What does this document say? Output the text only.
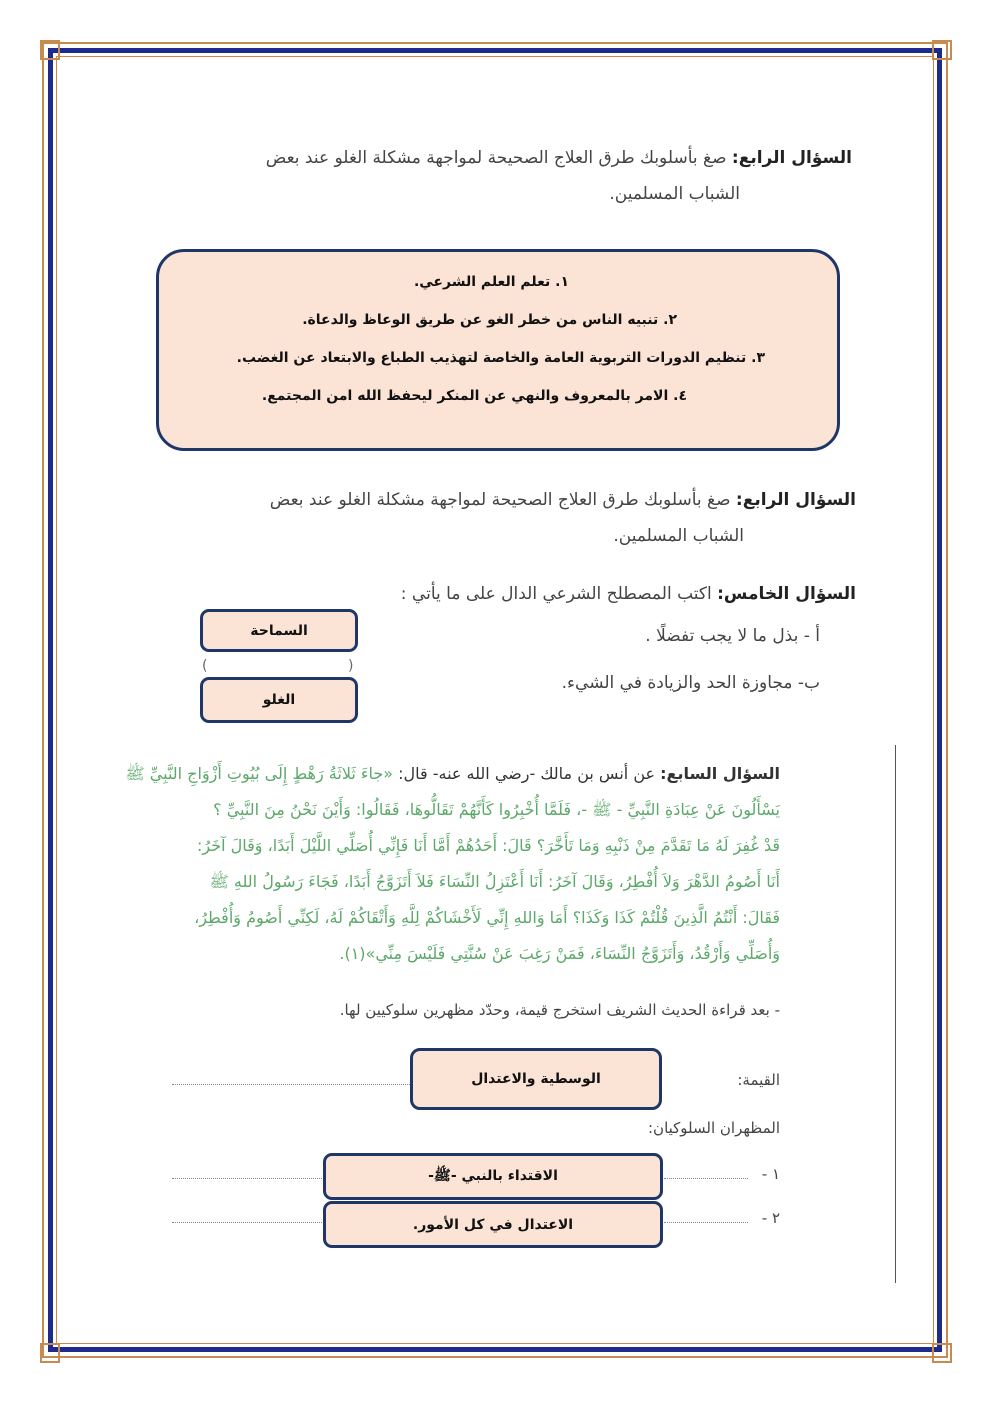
السؤال الرابع: صغ بأسلوبك طرق العلاج الصحيحة لمواجهة مشكلة الغلو عند بعض
الشباب المسلمين.
١. تعلم العلم الشرعي.
٢. تنبيه الناس من خطر الغو عن طريق الوعاظ والدعاة.
٣. تنظيم الدورات التربوية العامة والخاصة لتهذيب الطباع والابتعاد عن الغضب.
٤. الامر بالمعروف والنهي عن المنكر ليحفظ الله امن المجتمع.
السؤال الرابع: صغ بأسلوبك طرق العلاج الصحيحة لمواجهة مشكلة الغلو عند بعض
الشباب المسلمين.
السؤال الخامس: اكتب المصطلح الشرعي الدال على ما يأتي :
أ - بذل ما لا يجب تفضلًا .
ب- مجاوزة الحد والزيادة في الشيء.
السماحة
)
(
الغلو
السؤال السابع: عن أنس بن مالك -رضي الله عنه- قال: «جاءَ ثَلاثَةُ رَهْطٍ إِلَى بُيُوتِ أَزْوَاجِ النَّبِيِّ ﷺ
يَسْأَلُونَ عَنْ عِبَادَةِ النَّبِيِّ - ﷺ -، فَلَمَّا أُخْبِرُوا كَأَنَّهُمْ تَقَالُّوهَا، فَقَالُوا: وَأَيْنَ نَحْنُ مِنَ النَّبِيِّ ؟
قَدْ غُفِرَ لَهُ مَا تَقَدَّمَ مِنْ ذَنْبِهِ وَمَا تَأَخَّرَ؟ قَالَ: أَحَدُهُمْ أَمَّا أَنَا فَإِنِّي أُصَلِّي اللَّيْلَ أَبَدًا، وَقَالَ آخَرُ:
أَنَا أَصُومُ الدَّهْرَ وَلاَ أُفْطِرُ، وَقَالَ آخَرُ: أَنَا أَعْتَزِلُ النِّسَاءَ فَلاَ أَتَزَوَّجُ أَبَدًا، فَجَاءَ رَسُولُ اللهِ ﷺ
فَقَالَ: أَنْتُمُ الَّذِينَ قُلْتُمْ كَذَا وَكَذَا؟ أَمَا وَاللهِ إِنِّي لَأَخْشَاكُمْ لِلَّهِ وَأَتْقَاكُمْ لَهُ، لَكِنِّي أَصُومُ وَأُفْطِرُ،
وَأُصَلِّي وَأَرْقُدُ، وَأَتَزَوَّجُ النِّسَاءَ، فَمَنْ رَغِبَ عَنْ سُنَّتِي فَلَيْسَ مِنِّي»(١).
- بعد قراءة الحديث الشريف استخرج قيمة، وحدّد مظهرين سلوكيين لها.
القيمة:
الوسطية والاعتدال
المظهران السلوكيان:
١ -
الاقتداء بالنبي -ﷺ-
٢ -
الاعتدال في كل الأمور.
